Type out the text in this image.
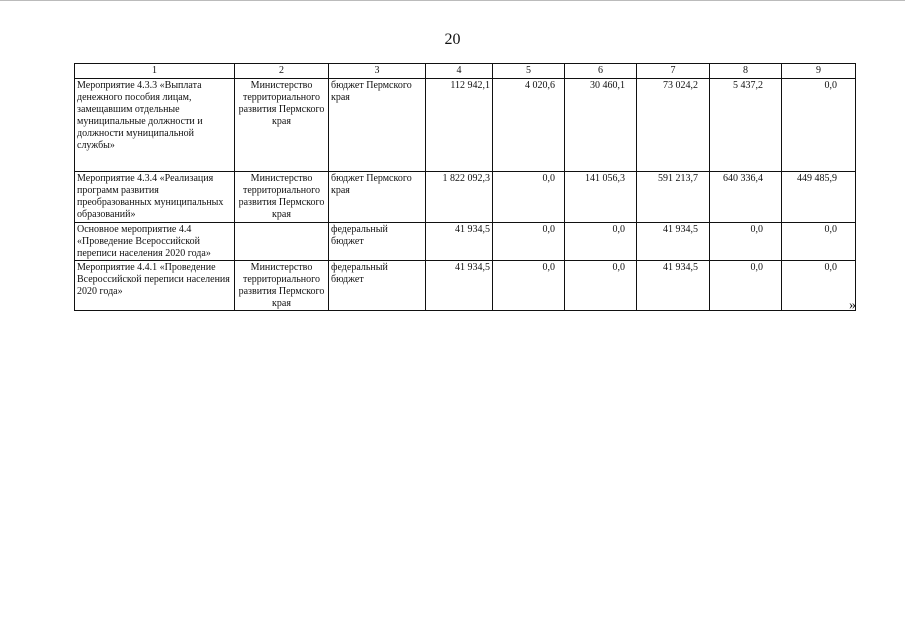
20
1	2	3	4	5	6	7	8	9
Мероприятие 4.3.3 «Выплата денежного пособия лицам, замещавшим отдельные муниципальные должности и должности муниципальной службы»	Министерство территориального развития Пермского края	бюджет Пермского края	112 942,1	4 020,6	30 460,1	73 024,2	5 437,2	0,0
Мероприятие 4.3.4 «Реализация программ развития преобразованных муниципальных образований»	Министерство территориального развития Пермского края	бюджет Пермского края	1 822 092,3	0,0	141 056,3	591 213,7	640 336,4	449 485,9
Основное мероприятие 4.4 «Проведение Всероссийской переписи населения 2020 года»		федеральный бюджет	41 934,5	0,0	0,0	41 934,5	0,0	0,0
Мероприятие 4.4.1 «Проведение Всероссийской переписи населения 2020 года»	Министерство территориального развития Пермского края	федеральный бюджет	41 934,5	0,0	0,0	41 934,5	0,0	0,0
»
